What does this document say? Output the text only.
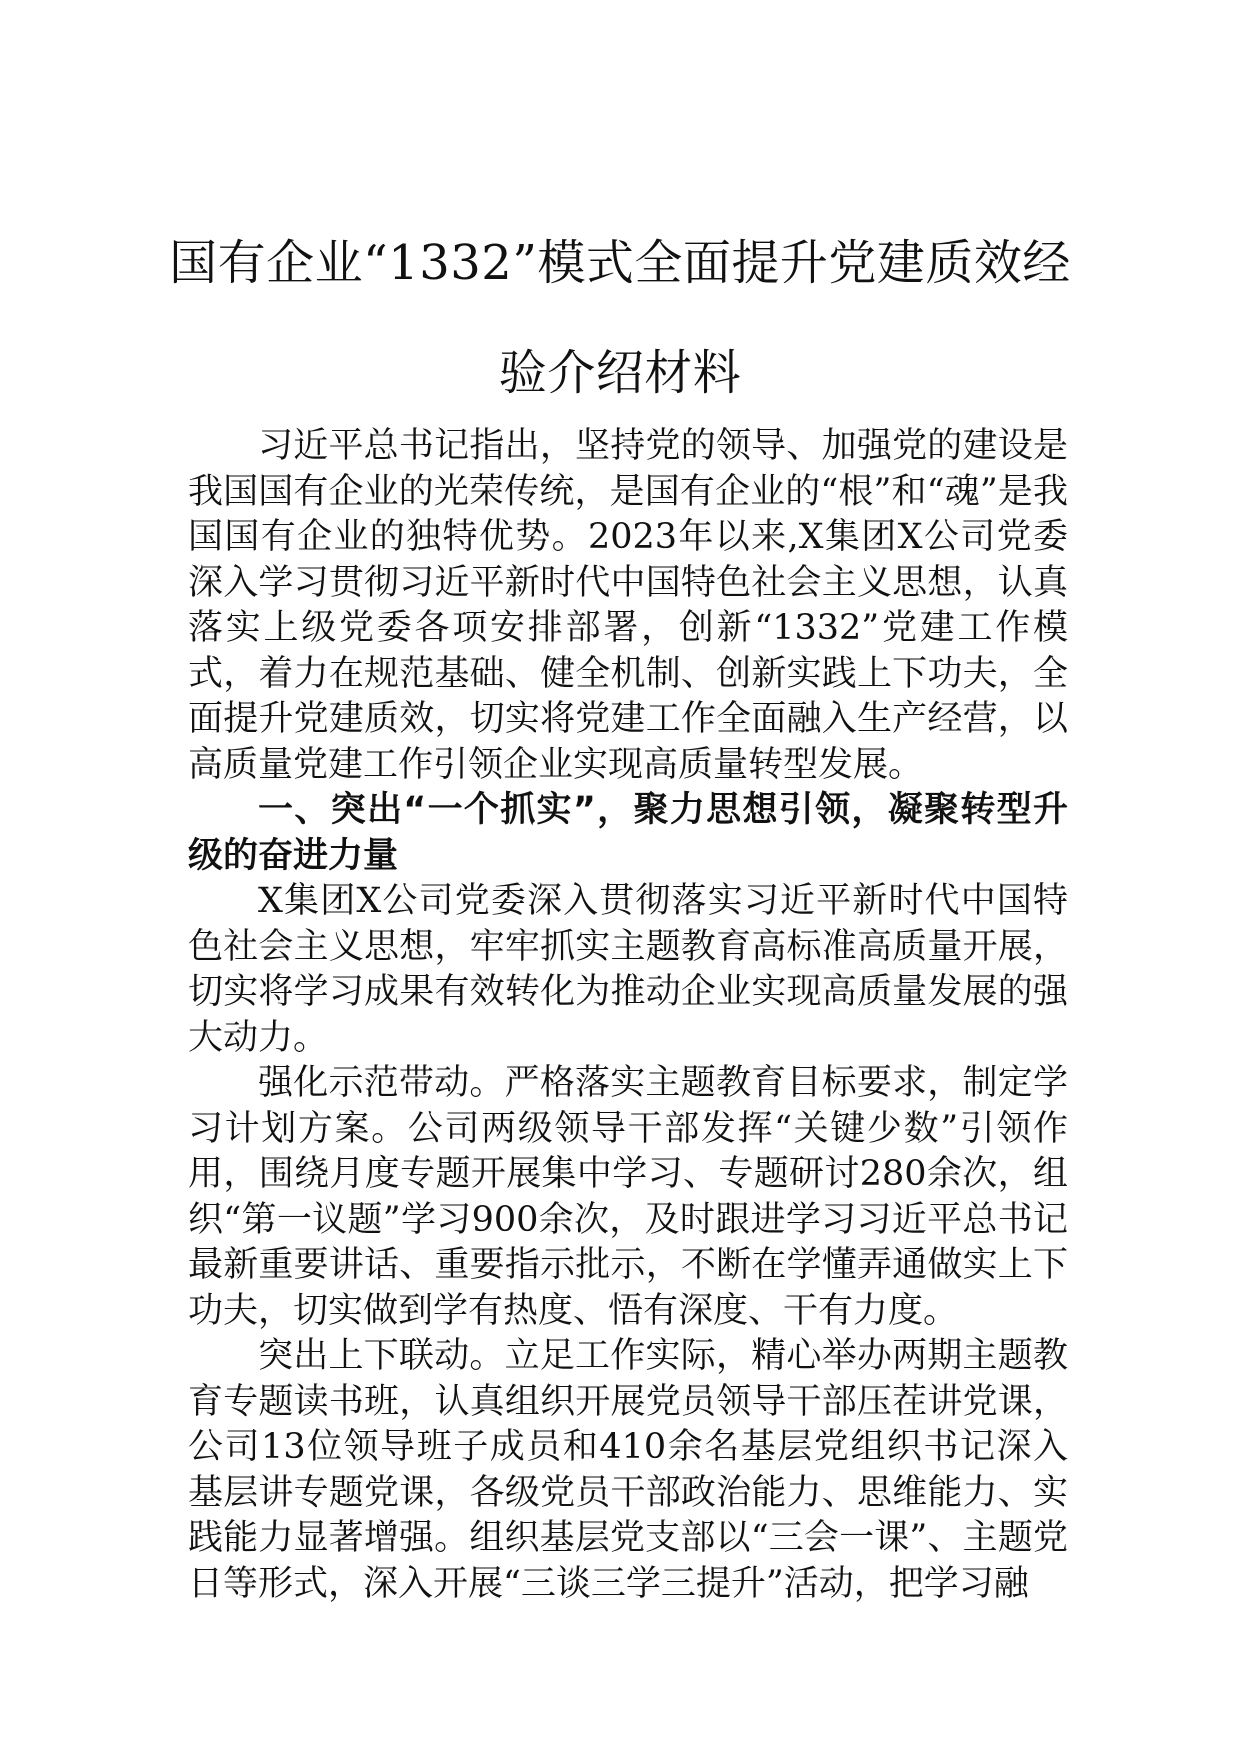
国有企业“1332”模式全面提升党建质效经验介绍材料

习近平总书记指出，坚持党的领导、加强党的建设是我国国有企业的光荣传统，是国有企业的“根”和“魂”是我国国有企业的独特优势。2023年以来,X集团X公司党委深入学习贯彻习近平新时代中国特色社会主义思想，认真落实上级党委各项安排部署，创新“1332”党建工作模式，着力在规范基础、健全机制、创新实践上下功夫，全面提升党建质效，切实将党建工作全面融入生产经营，以高质量党建工作引领企业实现高质量转型发展。

一、突出“一个抓实”，聚力思想引领，凝聚转型升级的奋进力量

X集团X公司党委深入贯彻落实习近平新时代中国特色社会主义思想，牢牢抓实主题教育高标准高质量开展，切实将学习成果有效转化为推动企业实现高质量发展的强大动力。

强化示范带动。严格落实主题教育目标要求，制定学习计划方案。公司两级领导干部发挥“关键少数”引领作用，围绕月度专题开展集中学习、专题研讨280余次，组织“第一议题”学习900余次，及时跟进学习习近平总书记最新重要讲话、重要指示批示，不断在学懂弄通做实上下功夫，切实做到学有热度、悟有深度、干有力度。

突出上下联动。立足工作实际，精心举办两期主题教育专题读书班，认真组织开展党员领导干部压茬讲党课，公司13位领导班子成员和410余名基层党组织书记深入基层讲专题党课，各级党员干部政治能力、思维能力、实践能力显著增强。组织基层党支部以“三会一课”、主题党日等形式，深入开展“三谈三学三提升”活动，把学习融
